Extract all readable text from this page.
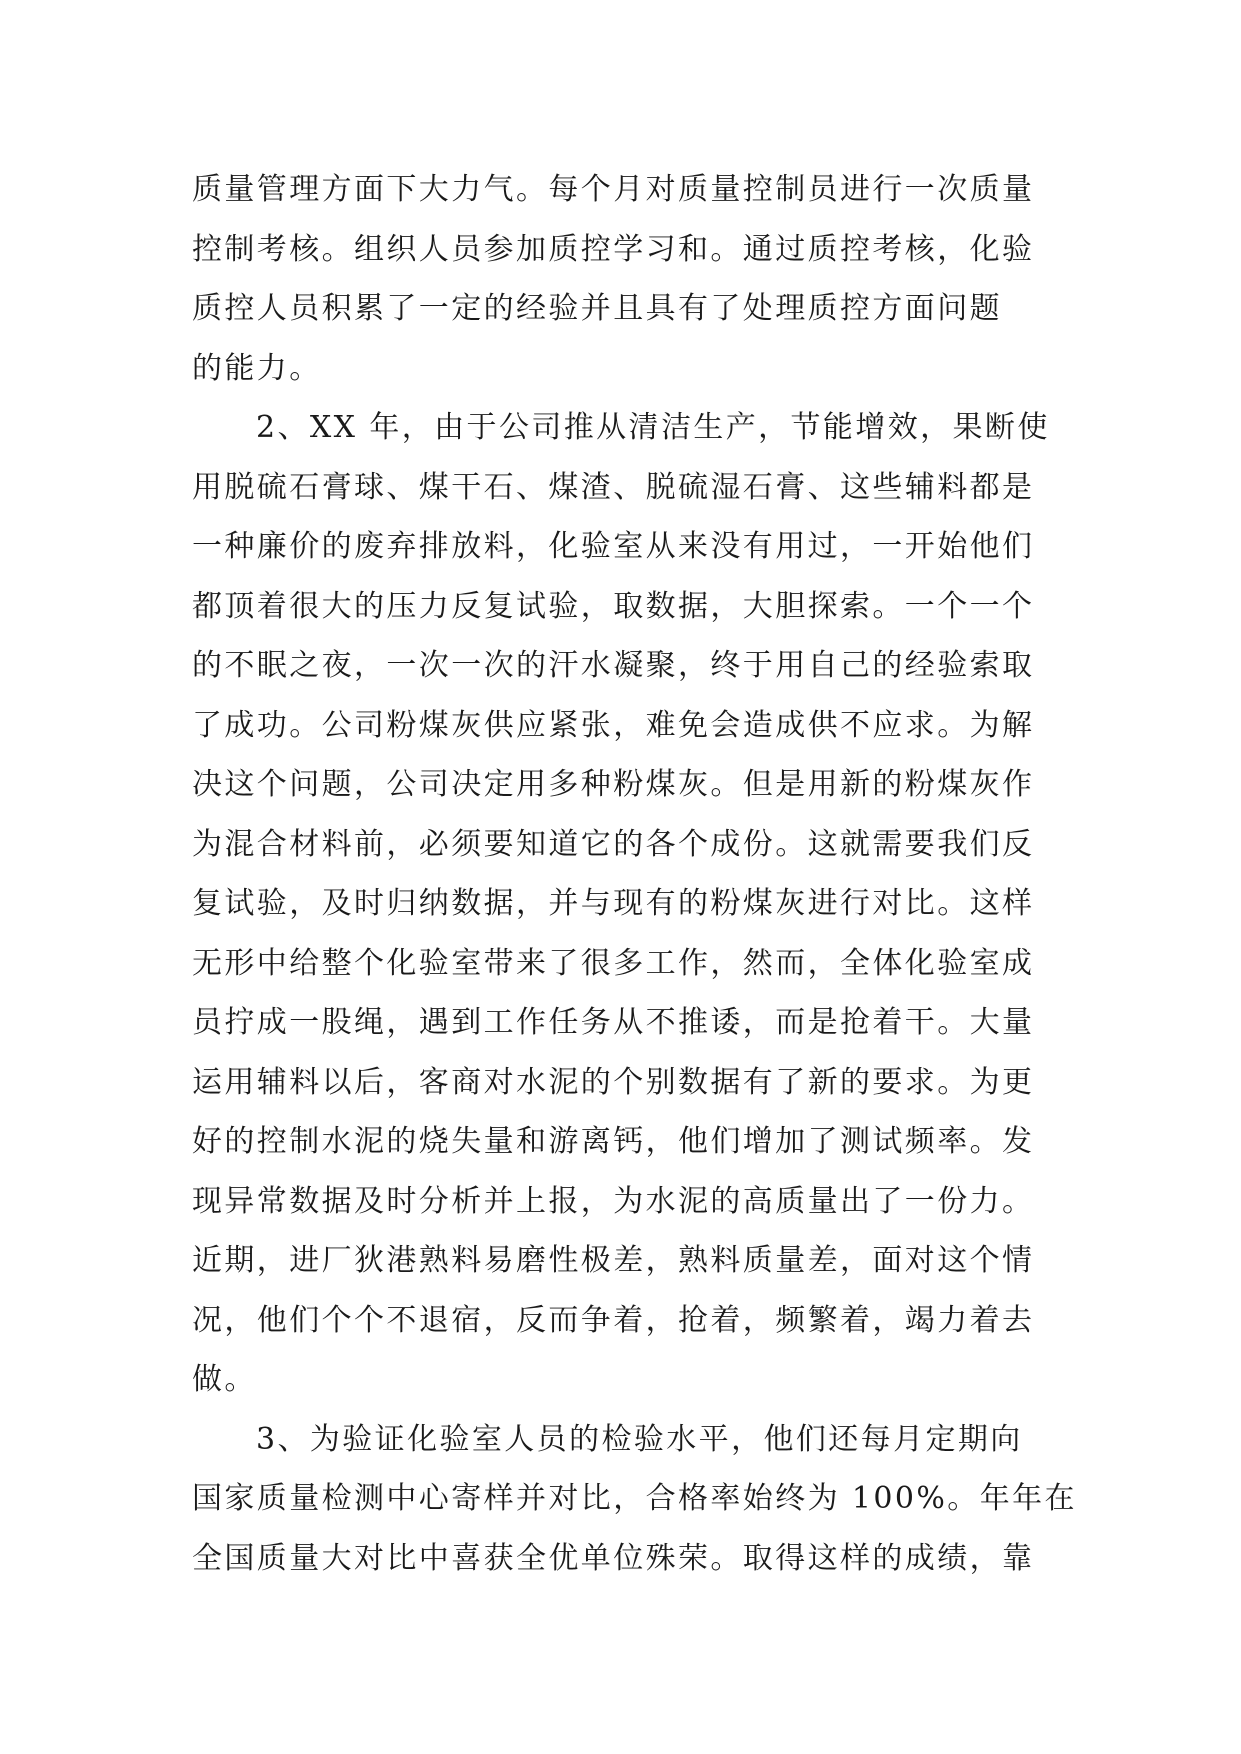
质量管理方面下大力气。每个月对质量控制员进行一次质量
控制考核。组织人员参加质控学习和。通过质控考核，化验
质控人员积累了一定的经验并且具有了处理质控方面问题
的能力。
2、XX 年，由于公司推从清洁生产，节能增效，果断使
用脱硫石膏球、煤干石、煤渣、脱硫湿石膏、这些辅料都是
一种廉价的废弃排放料，化验室从来没有用过，一开始他们
都顶着很大的压力反复试验，取数据，大胆探索。一个一个
的不眠之夜，一次一次的汗水凝聚，终于用自己的经验索取
了成功。公司粉煤灰供应紧张，难免会造成供不应求。为解
决这个问题，公司决定用多种粉煤灰。但是用新的粉煤灰作
为混合材料前，必须要知道它的各个成份。这就需要我们反
复试验，及时归纳数据，并与现有的粉煤灰进行对比。这样
无形中给整个化验室带来了很多工作，然而，全体化验室成
员拧成一股绳，遇到工作任务从不推诿，而是抢着干。大量
运用辅料以后，客商对水泥的个别数据有了新的要求。为更
好的控制水泥的烧失量和游离钙，他们增加了测试频率。发
现异常数据及时分析并上报，为水泥的高质量出了一份力。
近期，进厂狄港熟料易磨性极差，熟料质量差，面对这个情
况，他们个个不退宿，反而争着，抢着，频繁着，竭力着去
做。
3、为验证化验室人员的检验水平，他们还每月定期向
国家质量检测中心寄样并对比，合格率始终为 100%。年年在
全国质量大对比中喜获全优单位殊荣。取得这样的成绩，靠
